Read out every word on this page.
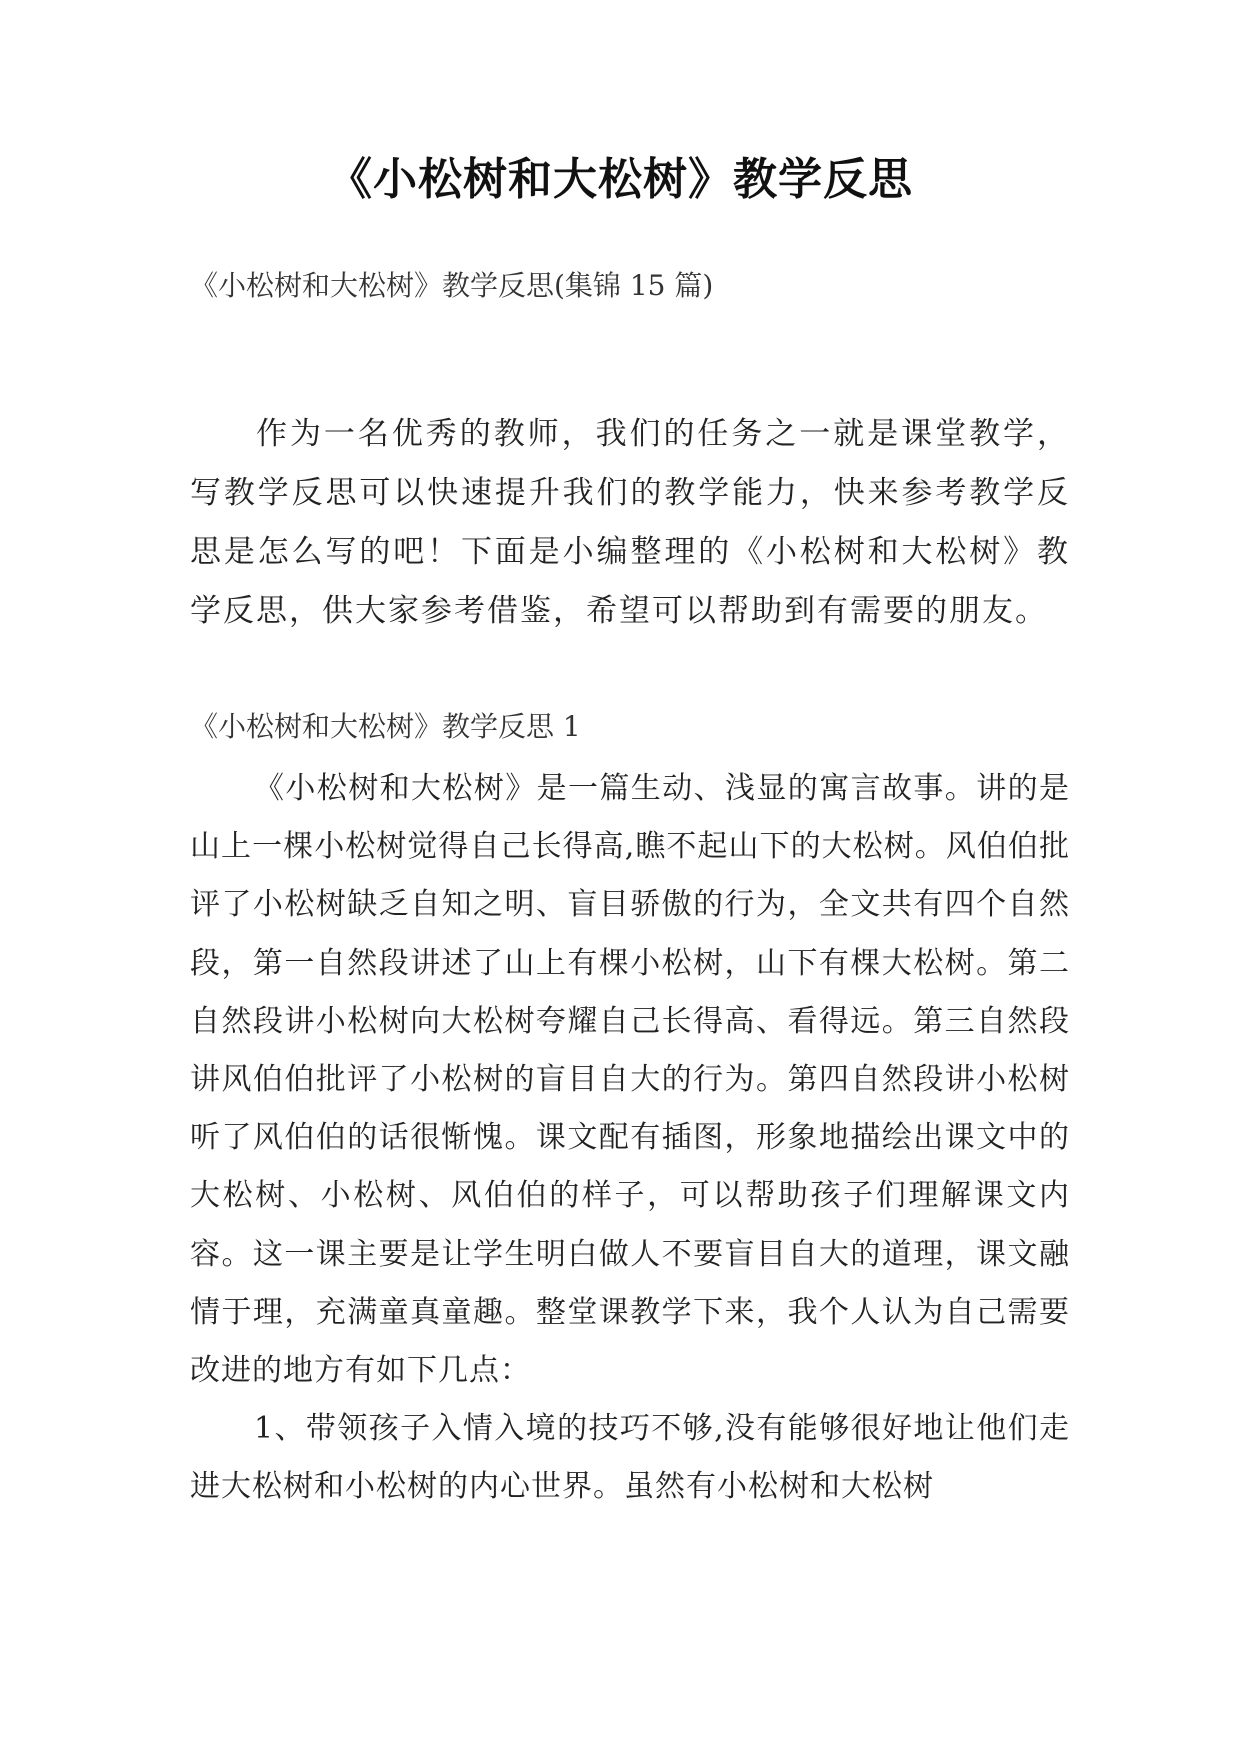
《小松树和大松树》教学反思
《小松树和大松树》教学反思(集锦 15 篇)
作为一名优秀的教师，我们的任务之一就是课堂教学，写教学反思可以快速提升我们的教学能力，快来参考教学反思是怎么写的吧！下面是小编整理的《小松树和大松树》教学反思，供大家参考借鉴，希望可以帮助到有需要的朋友。
《小松树和大松树》教学反思 1

《小松树和大松树》是一篇生动、浅显的寓言故事。讲的是山上一棵小松树觉得自己长得高,瞧不起山下的大松树。风伯伯批评了小松树缺乏自知之明、盲目骄傲的行为，全文共有四个自然段，第一自然段讲述了山上有棵小松树，山下有棵大松树。第二自然段讲小松树向大松树夸耀自己长得高、看得远。第三自然段讲风伯伯批评了小松树的盲目自大的行为。第四自然段讲小松树听了风伯伯的话很惭愧。课文配有插图，形象地描绘出课文中的大松树、小松树、风伯伯的样子，可以帮助孩子们理解课文内容。这一课主要是让学生明白做人不要盲目自大的道理，课文融情于理，充满童真童趣。整堂课教学下来，我个人认为自己需要改进的地方有如下几点：

1、带领孩子入情入境的技巧不够,没有能够很好地让他们走进大松树和小松树的内心世界。虽然有小松树和大松树
